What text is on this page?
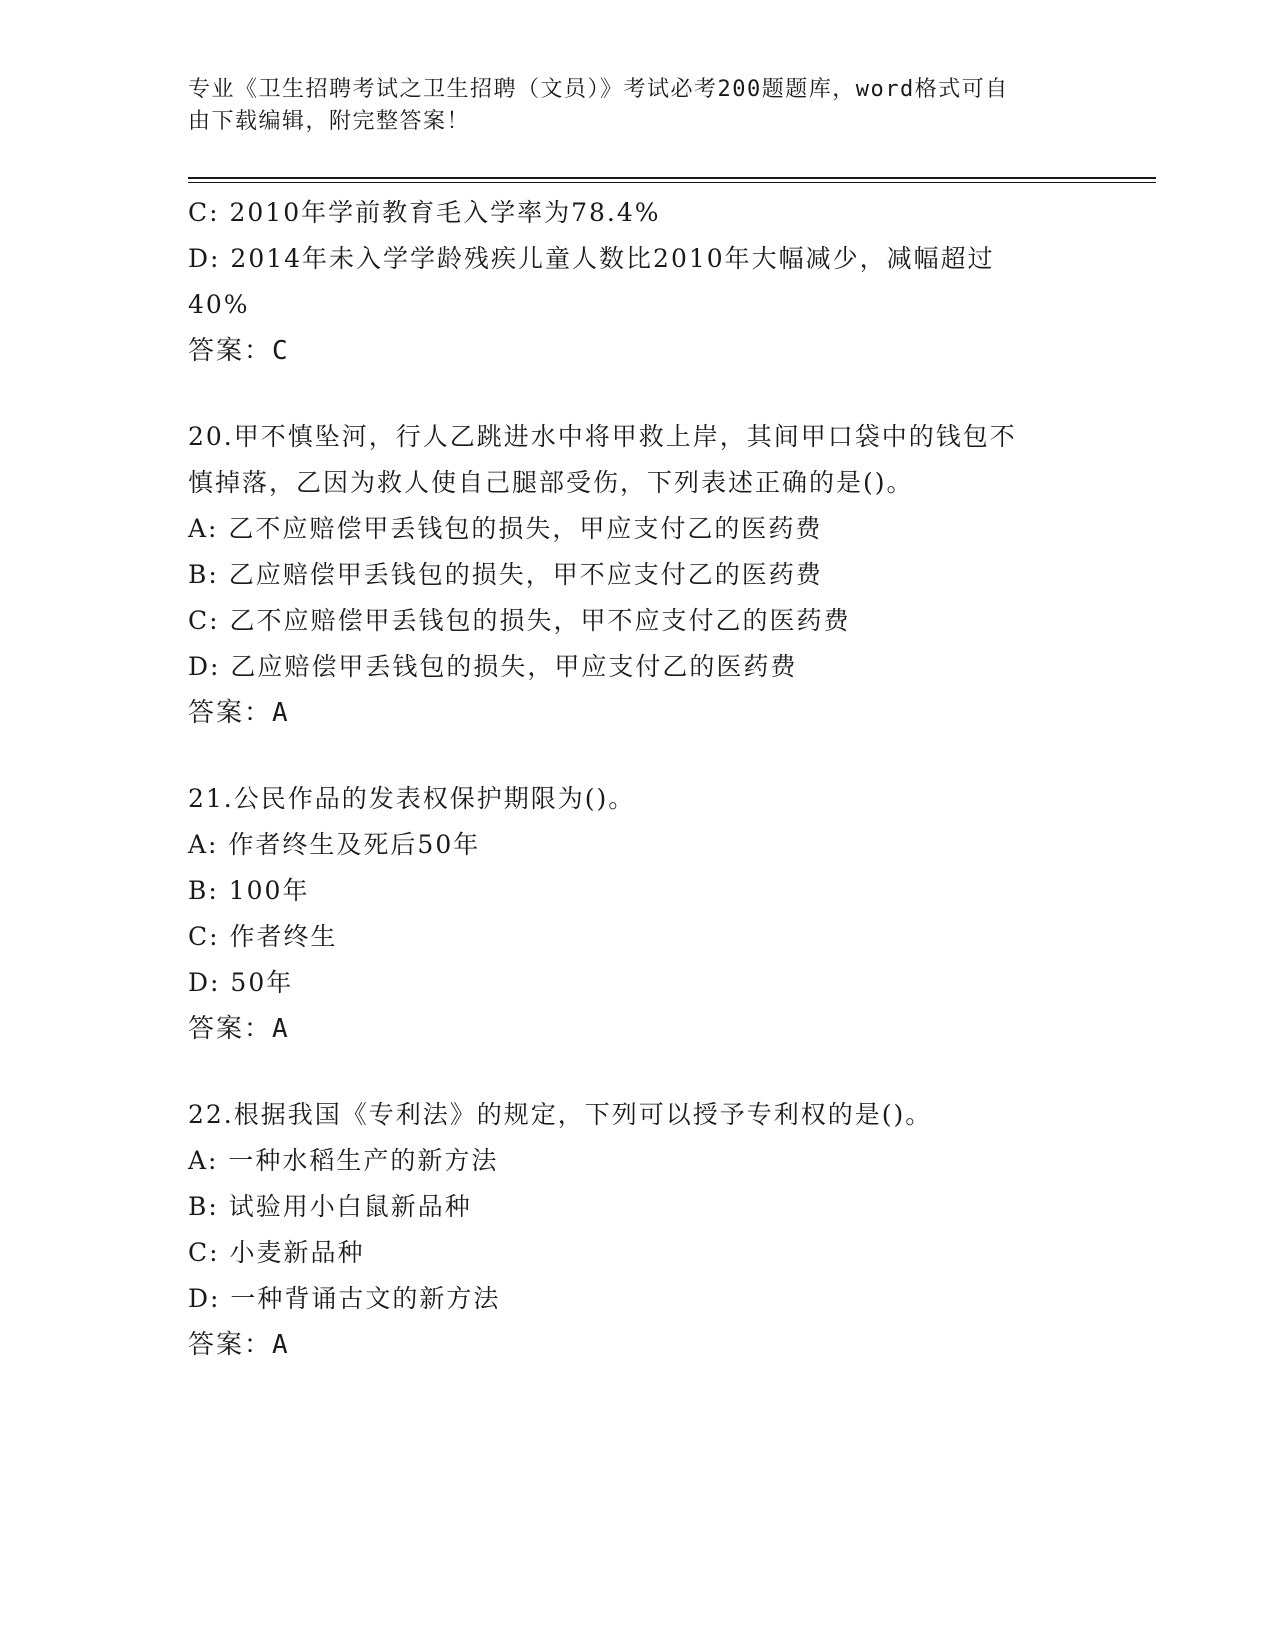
专业《卫生招聘考试之卫生招聘（文员）》考试必考200题题库，word格式可自
由下载编辑，附完整答案！
C: 2010年学前教育毛入学率为78.4%
D: 2014年未入学学龄残疾儿童人数比2010年大幅减少，减幅超过
40%
答案：C
20.甲不慎坠河，行人乙跳进水中将甲救上岸，其间甲口袋中的钱包不
慎掉落，乙因为救人使自己腿部受伤，下列表述正确的是()。
A: 乙不应赔偿甲丢钱包的损失，甲应支付乙的医药费
B: 乙应赔偿甲丢钱包的损失，甲不应支付乙的医药费
C: 乙不应赔偿甲丢钱包的损失，甲不应支付乙的医药费
D: 乙应赔偿甲丢钱包的损失，甲应支付乙的医药费
答案：A
21.公民作品的发表权保护期限为()。
A: 作者终生及死后50年
B: 100年
C: 作者终生
D: 50年
答案：A
22.根据我国《专利法》的规定，下列可以授予专利权的是()。
A: 一种水稻生产的新方法
B: 试验用小白鼠新品种
C: 小麦新品种
D: 一种背诵古文的新方法
答案：A
